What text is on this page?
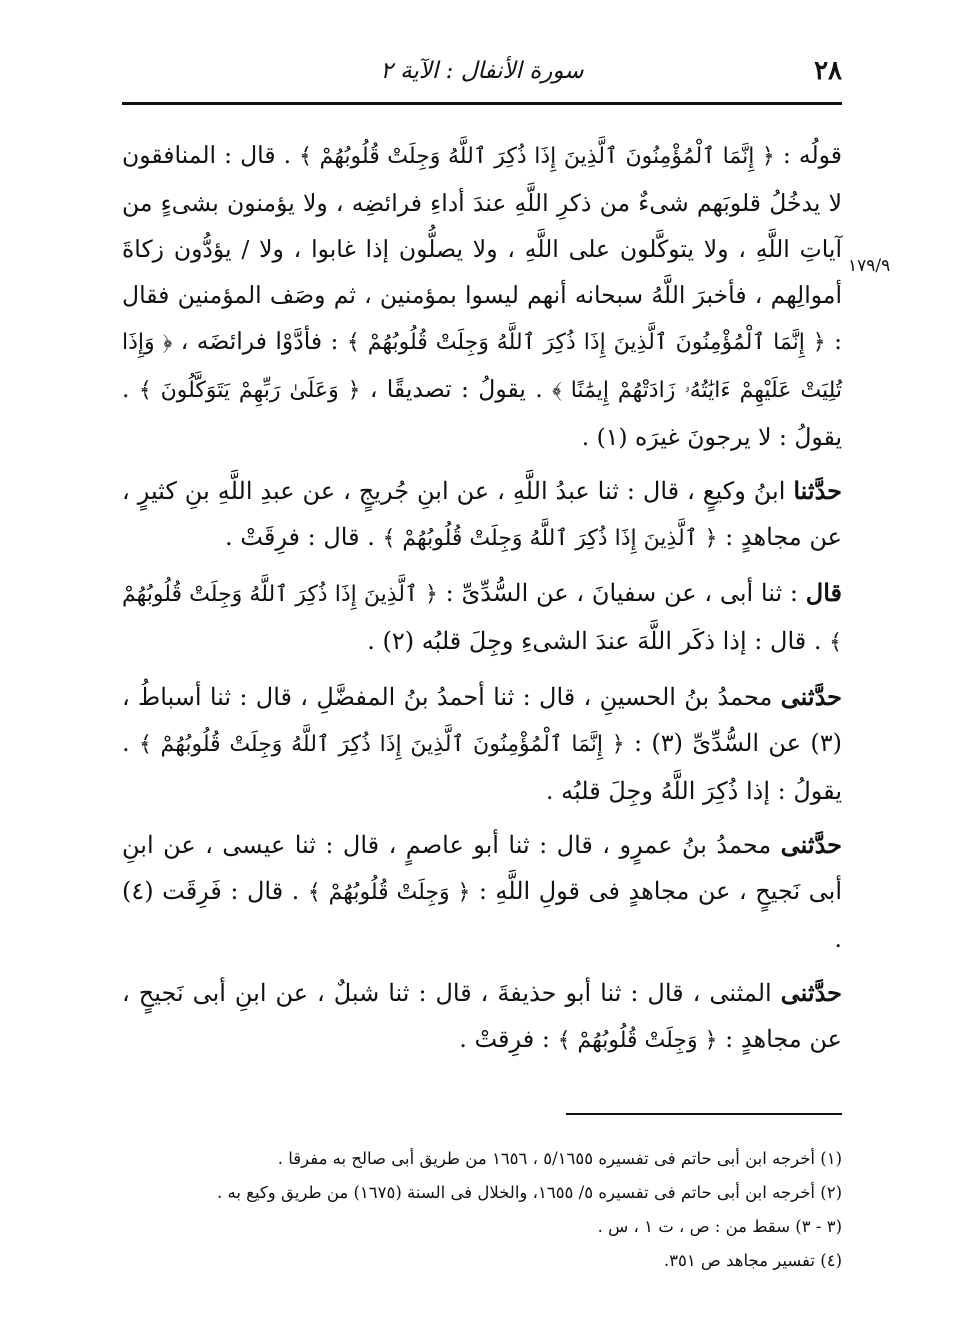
٢٨
سورة الأنفال : الآية ٢
١٧٩/٩

قولُه : ﴿ إِنَّمَا ٱلْمُؤْمِنُونَ ٱلَّذِينَ إِذَا ذُكِرَ ٱللَّهُ وَجِلَتْ قُلُوبُهُمْ ﴾ . قال : المنافقون لا يدخُلُ قلوبَهم شىءٌ من ذكرِ اللَّهِ عندَ أداءِ فرائضِه ، ولا يؤمنون بشىءٍ من آياتِ اللَّهِ ، ولا يتوكَّلون على اللَّهِ ، ولا يصلُّون إذا غابوا ، ولا / يؤدُّون زكاةَ أموالِهم ، فأخبرَ اللَّهُ سبحانه أنهم ليسوا بمؤمنين ، ثم وصَف المؤمنين فقال : ﴿ إِنَّمَا ٱلْمُؤْمِنُونَ ٱلَّذِينَ إِذَا ذُكِرَ ٱللَّهُ وَجِلَتْ قُلُوبُهُمْ ﴾ : فأدَّوْا فرائضَه ، ﴿ وَإِذَا تُلِيَتْ عَلَيْهِمْ ءَايَٰتُهُۥ زَادَتْهُمْ إِيمَٰنًا ﴾ . يقولُ : تصديقًا ، ﴿ وَعَلَىٰ رَبِّهِمْ يَتَوَكَّلُونَ ﴾ . يقولُ : لا يرجونَ غيرَه (١) .

حدَّثنا ابنُ وكيعٍ ، قال : ثنا عبدُ اللَّهِ ، عن ابنِ جُريجٍ ، عن عبدِ اللَّهِ بنِ كثيرٍ ، عن مجاهدٍ : ﴿ ٱلَّذِينَ إِذَا ذُكِرَ ٱللَّهُ وَجِلَتْ قُلُوبُهُمْ ﴾ . قال : فرِقَتْ .

قال : ثنا أبى ، عن سفيانَ ، عن السُّدِّىِّ : ﴿ ٱلَّذِينَ إِذَا ذُكِرَ ٱللَّهُ وَجِلَتْ قُلُوبُهُمْ ﴾ . قال : إذا ذكَر اللَّهَ عندَ الشىءِ وجِلَ قلبُه (٢) .

حدَّثنى محمدُ بنُ الحسينِ ، قال : ثنا أحمدُ بنُ المفضَّلِ ، قال : ثنا أسباطُ ، (٣) عن السُّدِّىِّ (٣) : ﴿ إِنَّمَا ٱلْمُؤْمِنُونَ ٱلَّذِينَ إِذَا ذُكِرَ ٱللَّهُ وَجِلَتْ قُلُوبُهُمْ ﴾ . يقولُ : إذا ذُكِرَ اللَّهُ وجِلَ قلبُه .

حدَّثنى محمدُ بنُ عمرٍو ، قال : ثنا أبو عاصمٍ ، قال : ثنا عيسى ، عن ابنِ أبى نَجيحٍ ، عن مجاهدٍ فى قولِ اللَّهِ : ﴿ وَجِلَتْ قُلُوبُهُمْ ﴾ . قال : فَرِقَت (٤) .

حدَّثنى المثنى ، قال : ثنا أبو حذيفةَ ، قال : ثنا شبلٌ ، عن ابنِ أبى نَجيحٍ ، عن مجاهدٍ : ﴿ وَجِلَتْ قُلُوبُهُمْ ﴾ : فرِقتْ .

(١) أخرجه ابن أبى حاتم فى تفسيره ٥/١٦٥٥ ، ١٦٥٦ من طريق أبى صالح به مفرقا .

(٢) أخرجه ابن أبى حاتم فى تفسيره ٥/ ١٦٥٥، والخلال فى السنة (١٦٧٥) من طريق وكيع به .

(٣ - ٣) سقط من : ص ، ت ١ ، س .

(٤) تفسير مجاهد ص ٣٥١.
